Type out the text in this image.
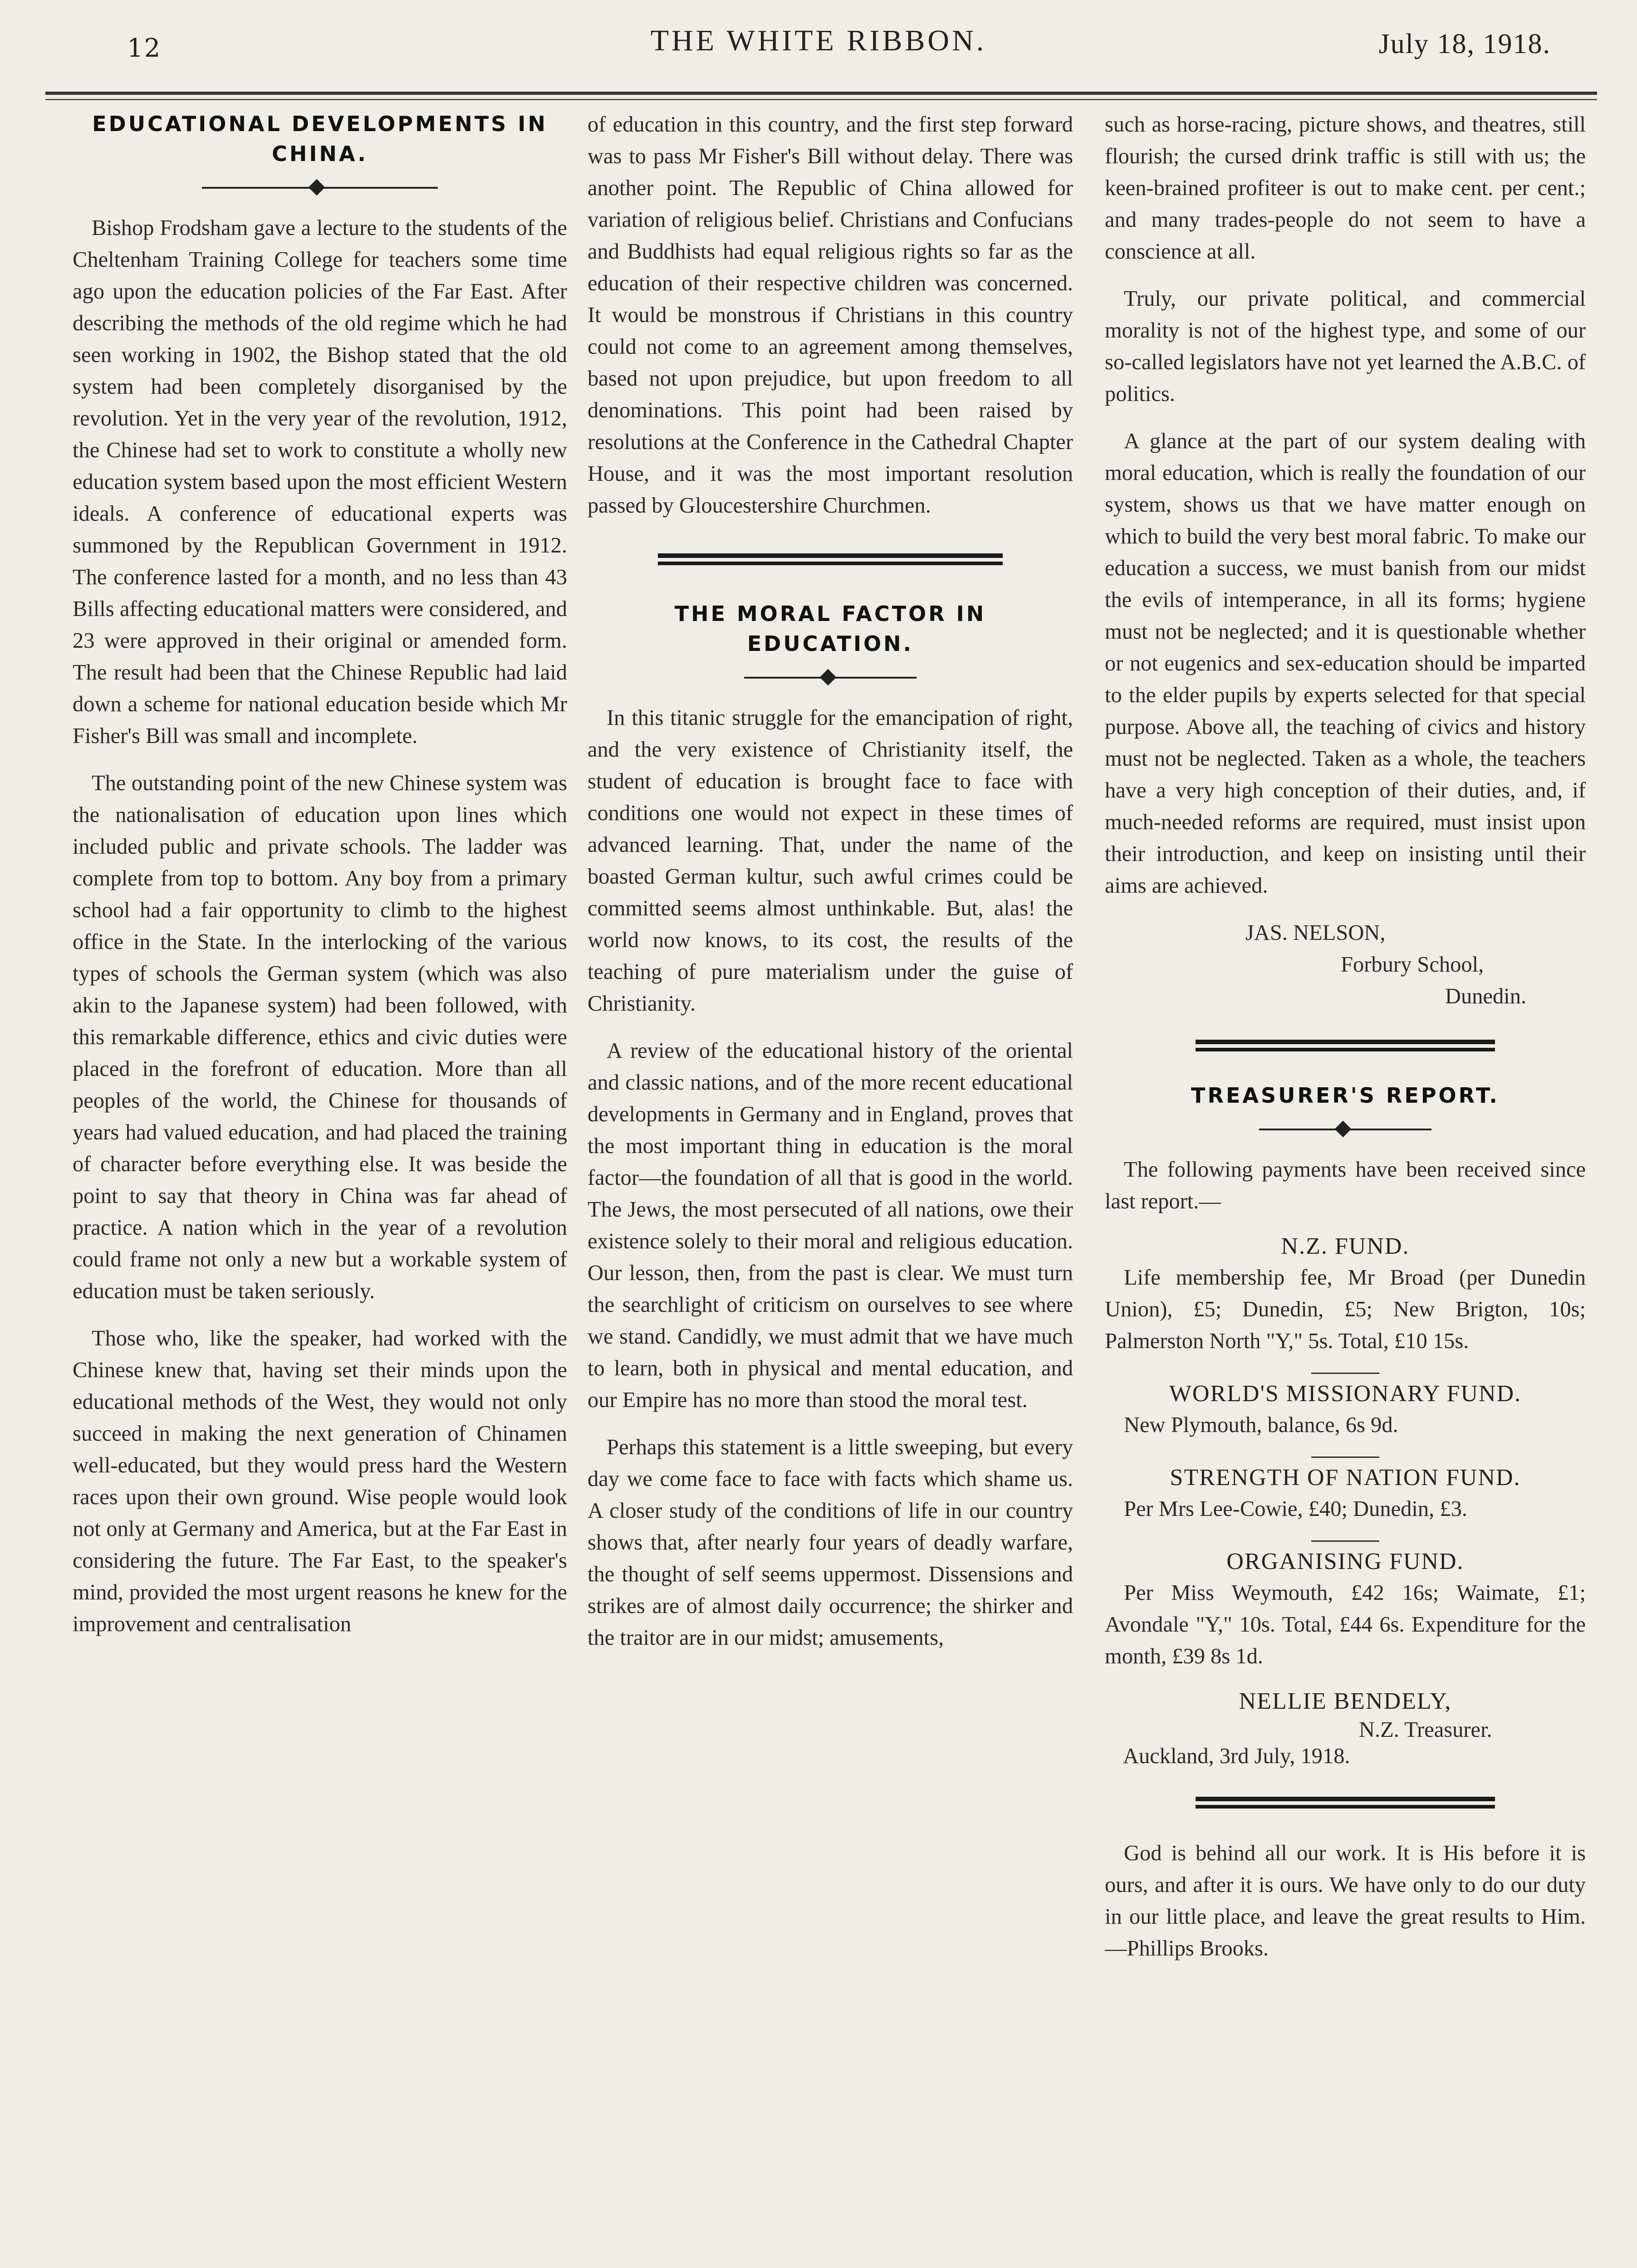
12	THE WHITE RIBBON.	July 18, 1918.
EDUCATIONAL DEVELOPMENTS IN CHINA.

Bishop Frodsham gave a lecture to the students of the Cheltenham Training College for teachers some time ago upon the education policies of the Far East. After describing the methods of the old regime which he had seen working in 1902, the Bishop stated that the old system had been completely disorganised by the revolution. Yet in the very year of the revolution, 1912, the Chinese had set to work to constitute a wholly new education system based upon the most efficient Western ideals. A conference of educational experts was summoned by the Republican Government in 1912. The conference lasted for a month, and no less than 43 Bills affecting educational matters were considered, and 23 were approved in their original or amended form. The result had been that the Chinese Republic had laid down a scheme for national education beside which Mr Fisher's Bill was small and incomplete.

The outstanding point of the new Chinese system was the nationalisation of education upon lines which included public and private schools. The ladder was complete from top to bottom. Any boy from a primary school had a fair opportunity to climb to the highest office in the State. In the interlocking of the various types of schools the German system (which was also akin to the Japanese system) had been followed, with this remarkable difference, ethics and civic duties were placed in the forefront of education. More than all peoples of the world, the Chinese for thousands of years had valued education, and had placed the training of character before everything else. It was beside the point to say that theory in China was far ahead of practice. A nation which in the year of a revolution could frame not only a new but a workable system of education must be taken seriously.

Those who, like the speaker, had worked with the Chinese knew that, having set their minds upon the educational methods of the West, they would not only succeed in making the next generation of Chinamen well-educated, but they would press hard the Western races upon their own ground. Wise people would look not only at Germany and America, but at the Far East in considering the future. The Far East, to the speaker's mind, provided the most urgent reasons he knew for the improvement and centralisation

of education in this country, and the first step forward was to pass Mr Fisher's Bill without delay. There was another point. The Republic of China allowed for variation of religious belief. Christians and Confucians and Buddhists had equal religious rights so far as the education of their respective children was concerned. It would be monstrous if Christians in this country could not come to an agreement among themselves, based not upon prejudice, but upon freedom to all denominations. This point had been raised by resolutions at the Conference in the Cathedral Chapter House, and it was the most important resolution passed by Gloucestershire Churchmen.

THE MORAL FACTOR IN EDUCATION.

In this titanic struggle for the emancipation of right, and the very existence of Christianity itself, the student of education is brought face to face with conditions one would not expect in these times of advanced learning. That, under the name of the boasted German kultur, such awful crimes could be committed seems almost unthinkable. But, alas! the world now knows, to its cost, the results of the teaching of pure materialism under the guise of Christianity.

A review of the educational history of the oriental and classic nations, and of the more recent educational developments in Germany and in England, proves that the most important thing in education is the moral factor—the foundation of all that is good in the world. The Jews, the most persecuted of all nations, owe their existence solely to their moral and religious education. Our lesson, then, from the past is clear. We must turn the searchlight of criticism on ourselves to see where we stand. Candidly, we must admit that we have much to learn, both in physical and mental education, and our Empire has no more than stood the moral test.

Perhaps this statement is a little sweeping, but every day we come face to face with facts which shame us. A closer study of the conditions of life in our country shows that, after nearly four years of deadly warfare, the thought of self seems uppermost. Dissensions and strikes are of almost daily occurrence; the shirker and the traitor are in our midst; amusements,

such as horse-racing, picture shows, and theatres, still flourish; the cursed drink traffic is still with us; the keen-brained profiteer is out to make cent. per cent.; and many trades-people do not seem to have a conscience at all.

Truly, our private political, and commercial morality is not of the highest type, and some of our so-called legislators have not yet learned the A.B.C. of politics.

A glance at the part of our system dealing with moral education, which is really the foundation of our system, shows us that we have matter enough on which to build the very best moral fabric. To make our education a success, we must banish from our midst the evils of intemperance, in all its forms; hygiene must not be neglected; and it is questionable whether or not eugenics and sex-education should be imparted to the elder pupils by experts selected for that special purpose. Above all, the teaching of civics and history must not be neglected. Taken as a whole, the teachers have a very high conception of their duties, and, if much-needed reforms are required, must insist upon their introduction, and keep on insisting until their aims are achieved.

JAS. NELSON,
Forbury School,
Dunedin.
TREASURER'S REPORT.

The following payments have been received since last report.—

N.Z. FUND.

Life membership fee, Mr Broad (per Dunedin Union), £5; Dunedin, £5; New Brigton, 10s; Palmerston North "Y," 5s. Total, £10 15s.

WORLD'S MISSIONARY FUND.

New Plymouth, balance, 6s 9d.

STRENGTH OF NATION FUND.

Per Mrs Lee-Cowie, £40; Dunedin, £3.

ORGANISING FUND.

Per Miss Weymouth, £42 16s; Waimate, £1; Avondale "Y," 10s. Total, £44 6s. Expenditure for the month, £39 8s 1d.

NELLIE BENDELY,
N.Z. Treasurer.
Auckland, 3rd July, 1918.

God is behind all our work. It is His before it is ours, and after it is ours. We have only to do our duty in our little place, and leave the great results to Him.—Phillips Brooks.
